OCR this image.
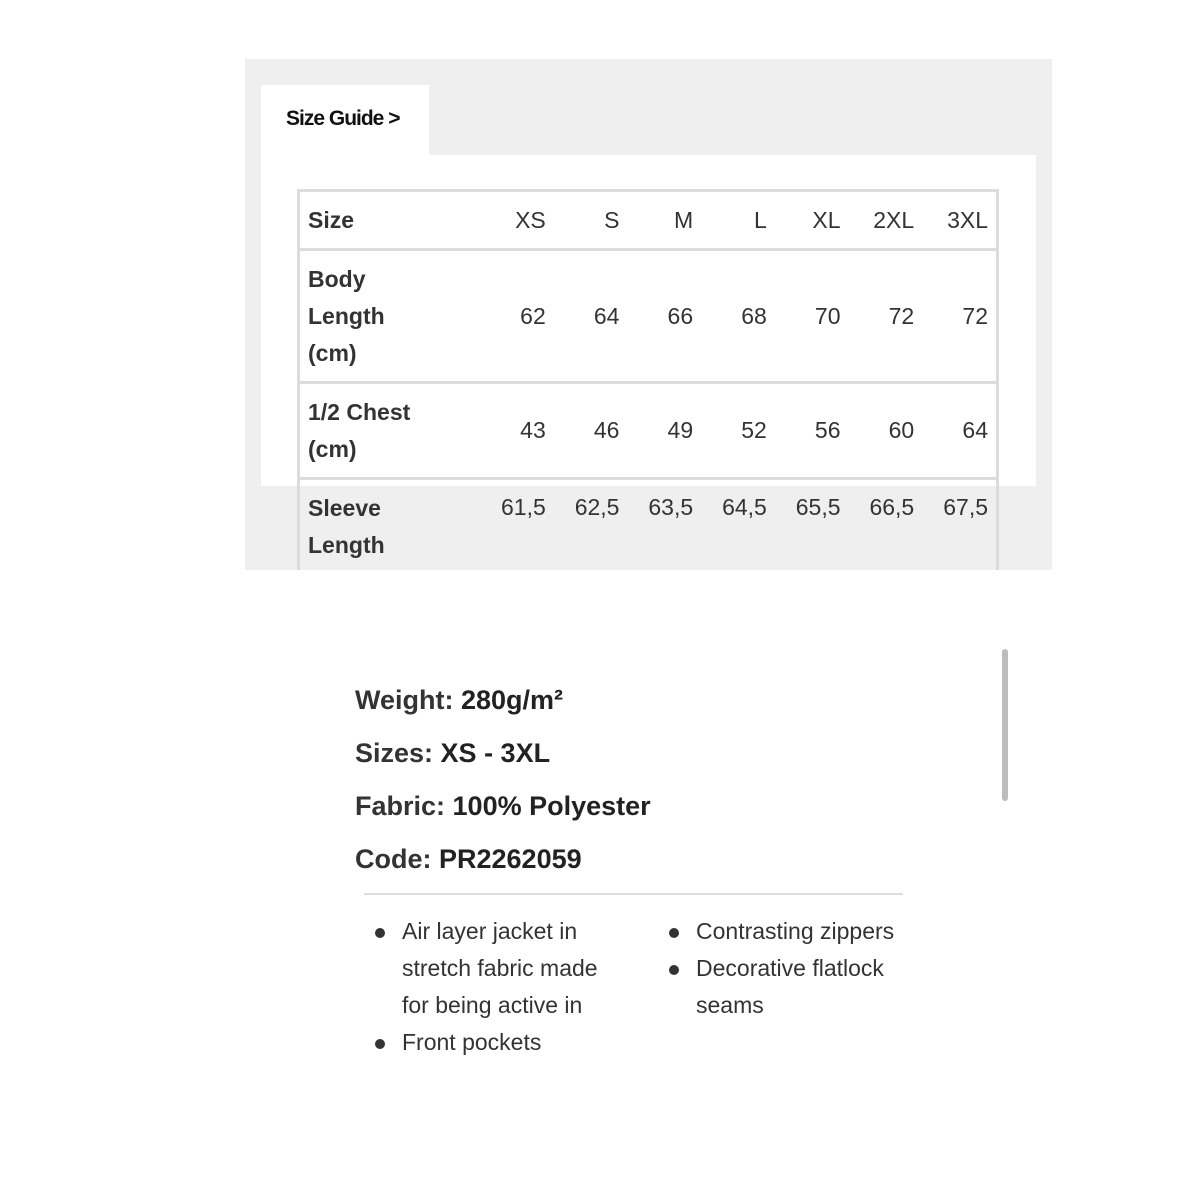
Size Guide >
Size	XS	S	M	L	XL	2XL	3XL

Body
Length
(cm)	62	64	66	68	70	72	72

1/2 Chest
(cm)	43	46	49	52	56	60	64

Sleeve
Length	61,5	62,5	63,5	64,5	65,5	66,5	67,5
Weight: 280g/m²
Sizes: XS - 3XL
Fabric: 100% Polyester
Code: PR2262059
Air layer jacket in stretch fabric made for being active in
Front pockets
Contrasting zippers
Decorative flatlock seams
